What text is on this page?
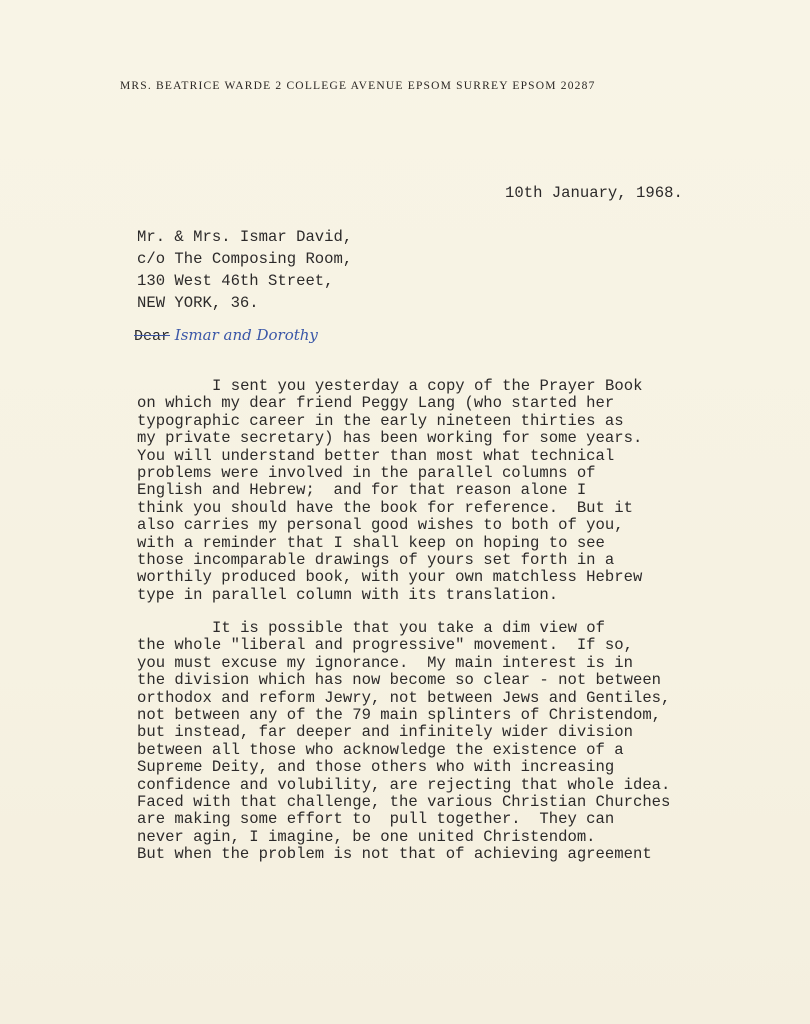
MRS. BEATRICE WARDE 2 COLLEGE AVENUE EPSOM SURREY EPSOM 20287
10th January, 1968.
Mr. & Mrs. Ismar David,
c/o The Composing Room,
130 West 46th Street,
NEW YORK, 36.
Dear Ismar and Dorothy
I sent you yesterday a copy of the Prayer Book
on which my dear friend Peggy Lang (who started her
typographic career in the early nineteen thirties as
my private secretary) has been working for some years.
You will understand better than most what technical
problems were involved in the parallel columns of
English and Hebrew;  and for that reason alone I
think you should have the book for reference.  But it
also carries my personal good wishes to both of you,
with a reminder that I shall keep on hoping to see
those incomparable drawings of yours set forth in a
worthily produced book, with your own matchless Hebrew
type in parallel column with its translation.
It is possible that you take a dim view of
the whole "liberal and progressive" movement.  If so,
you must excuse my ignorance.  My main interest is in
the division which has now become so clear - not between
orthodox and reform Jewry, not between Jews and Gentiles,
not between any of the 79 main splinters of Christendom,
but instead, far deeper and infinitely wider division
between all those who acknowledge the existence of a
Supreme Deity, and those others who with increasing
confidence and volubility, are rejecting that whole idea.
Faced with that challenge, the various Christian Churches
are making some effort to  pull together.  They can
never agin, I imagine, be one united Christendom.
But when the problem is not that of achieving agreement
